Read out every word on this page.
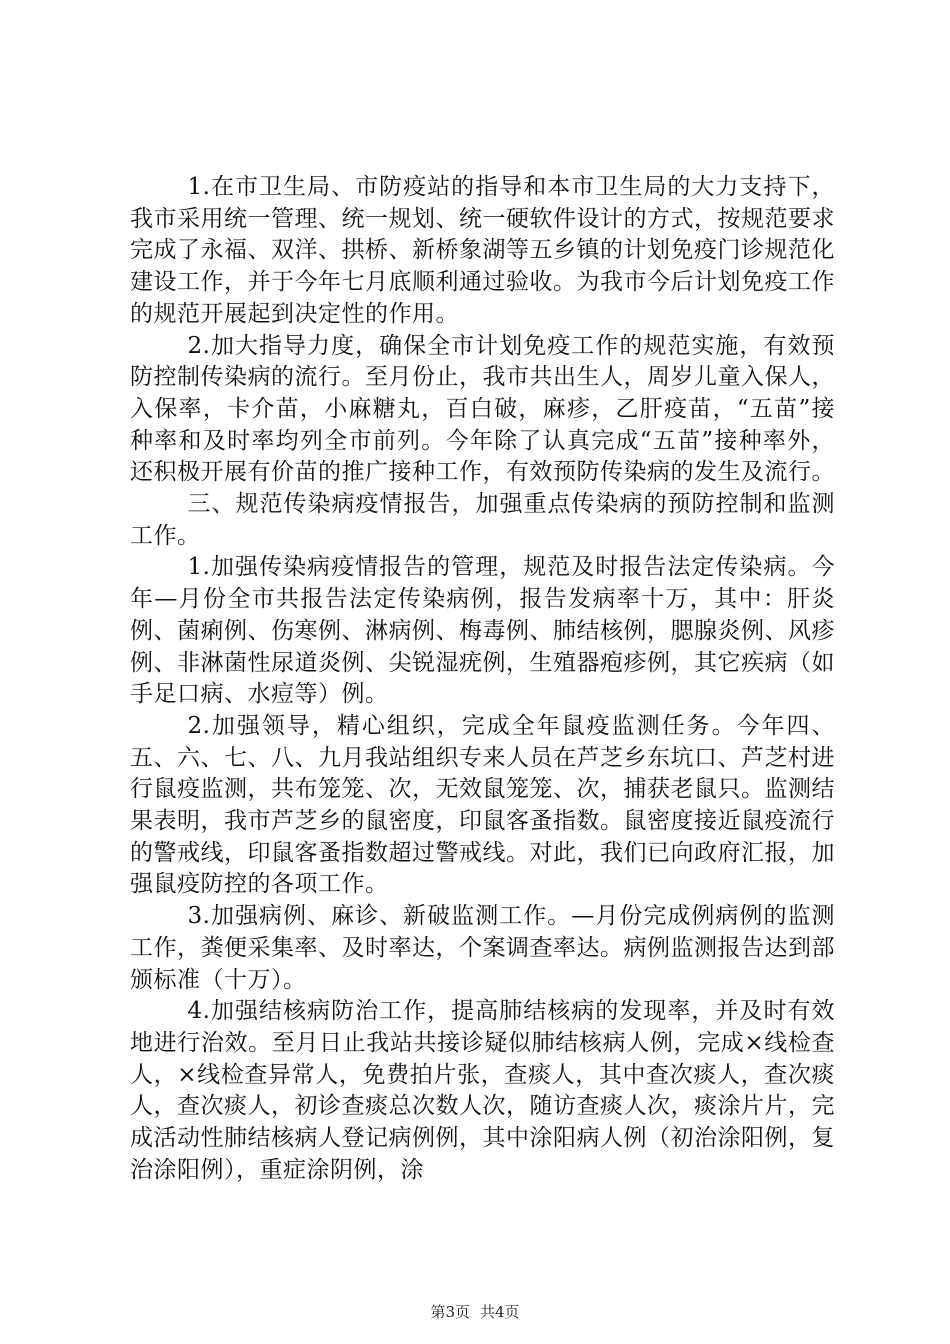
1.在市卫生局、市防疫站的指导和本市卫生局的大力支持下，我市采用统一管理、统一规划、统一硬软件设计的方式，按规范要求完成了永福、双洋、拱桥、新桥象湖等五乡镇的计划免疫门诊规范化建设工作，并于今年七月底顺利通过验收。为我市今后计划免疫工作的规范开展起到决定性的作用。

2.加大指导力度，确保全市计划免疫工作的规范实施，有效预防控制传染病的流行。至月份止，我市共出生人，周岁儿童入保人，入保率，卡介苗，小麻糖丸，百白破，麻疹，乙肝疫苗，“五苗”接种率和及时率均列全市前列。今年除了认真完成“五苗”接种率外，还积极开展有价苗的推广接种工作，有效预防传染病的发生及流行。

三、规范传染病疫情报告，加强重点传染病的预防控制和监测工作。

1.加强传染病疫情报告的管理，规范及时报告法定传染病。今年—月份全市共报告法定传染病例，报告发病率十万，其中：肝炎例、菌痢例、伤寒例、淋病例、梅毒例、肺结核例，腮腺炎例、风疹例、非淋菌性尿道炎例、尖锐湿疣例，生殖器疱疹例，其它疾病（如手足口病、水痘等）例。

2.加强领导，精心组织，完成全年鼠疫监测任务。今年四、五、六、七、八、九月我站组织专来人员在芦芝乡东坑口、芦芝村进行鼠疫监测，共布笼笼、次，无效鼠笼笼、次，捕获老鼠只。监测结果表明，我市芦芝乡的鼠密度，印鼠客蚤指数。鼠密度接近鼠疫流行的警戒线，印鼠客蚤指数超过警戒线。对此，我们已向政府汇报，加强鼠疫防控的各项工作。

3.加强病例、麻诊、新破监测工作。—月份完成例病例的监测工作，粪便采集率、及时率达，个案调查率达。病例监测报告达到部颁标准（十万）。

4.加强结核病防治工作，提高肺结核病的发现率，并及时有效地进行治效。至月日止我站共接诊疑似肺结核病人例，完成×线检查人，×线检查异常人，免费拍片张，查痰人，其中查次痰人，查次痰人，查次痰人，初诊查痰总次数人次，随访查痰人次，痰涂片片，完成活动性肺结核病人登记病例例，其中涂阳病人例（初治涂阳例，复治涂阳例），重症涂阴例，涂

第3页 共4页
